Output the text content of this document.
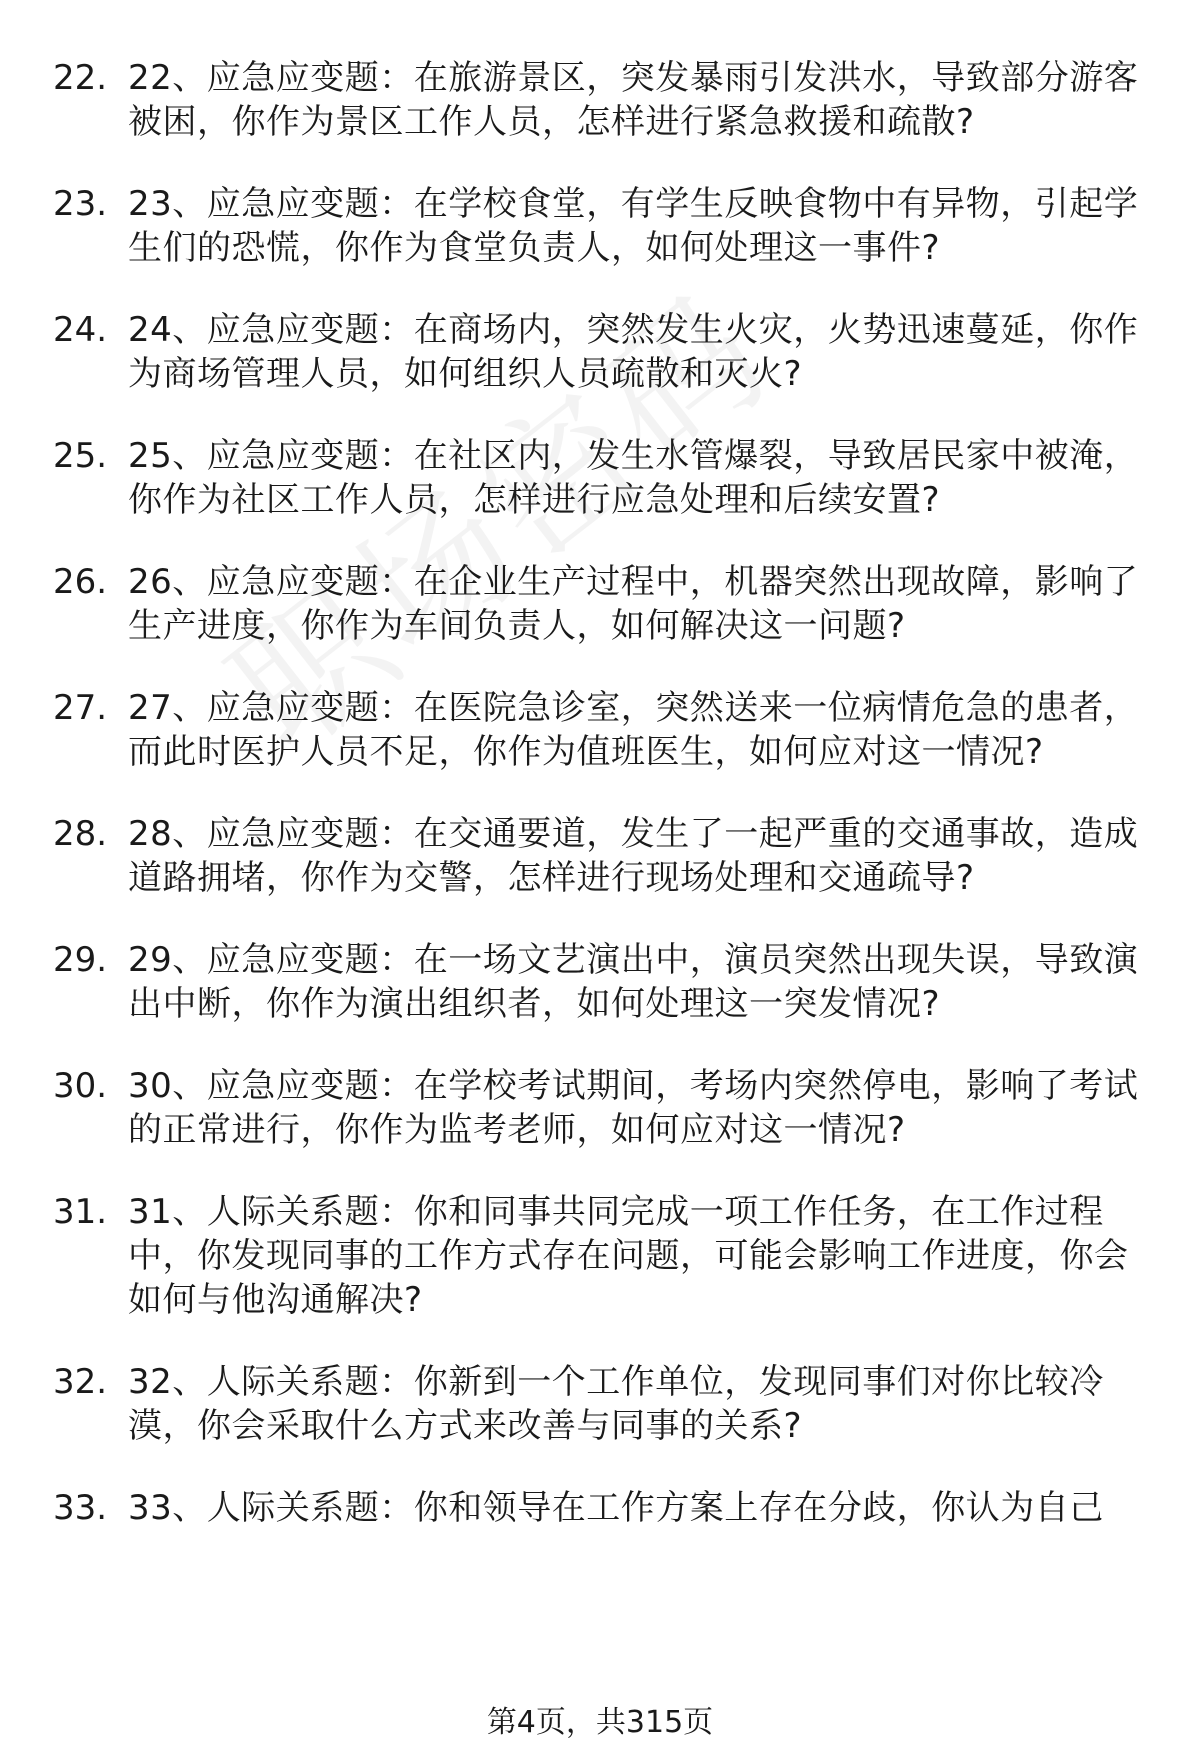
22. 22、应急应变题：在旅游景区，突发暴雨引发洪水，导致部分游客被困，你作为景区工作人员，怎样进行紧急救援和疏散?
23. 23、应急应变题：在学校食堂，有学生反映食物中有异物，引起学生们的恐慌，你作为食堂负责人，如何处理这一事件?
24. 24、应急应变题：在商场内，突然发生火灾，火势迅速蔓延，你作为商场管理人员，如何组织人员疏散和灭火?
25. 25、应急应变题：在社区内，发生水管爆裂，导致居民家中被淹，你作为社区工作人员，怎样进行应急处理和后续安置?
26. 26、应急应变题：在企业生产过程中，机器突然出现故障，影响了生产进度，你作为车间负责人，如何解决这一问题?
27. 27、应急应变题：在医院急诊室，突然送来一位病情危急的患者，而此时医护人员不足，你作为值班医生，如何应对这一情况?
28. 28、应急应变题：在交通要道，发生了一起严重的交通事故，造成道路拥堵，你作为交警，怎样进行现场处理和交通疏导?
29. 29、应急应变题：在一场文艺演出中，演员突然出现失误，导致演出中断，你作为演出组织者，如何处理这一突发情况?
30. 30、应急应变题：在学校考试期间，考场内突然停电，影响了考试的正常进行，你作为监考老师，如何应对这一情况?
31. 31、人际关系题：你和同事共同完成一项工作任务，在工作过程中，你发现同事的工作方式存在问题，可能会影响工作进度，你会如何与他沟通解决?
32. 32、人际关系题：你新到一个工作单位，发现同事们对你比较冷漠，你会采取什么方式来改善与同事的关系?
33. 33、人际关系题：你和领导在工作方案上存在分歧，你认为自己
第4页，共315页
